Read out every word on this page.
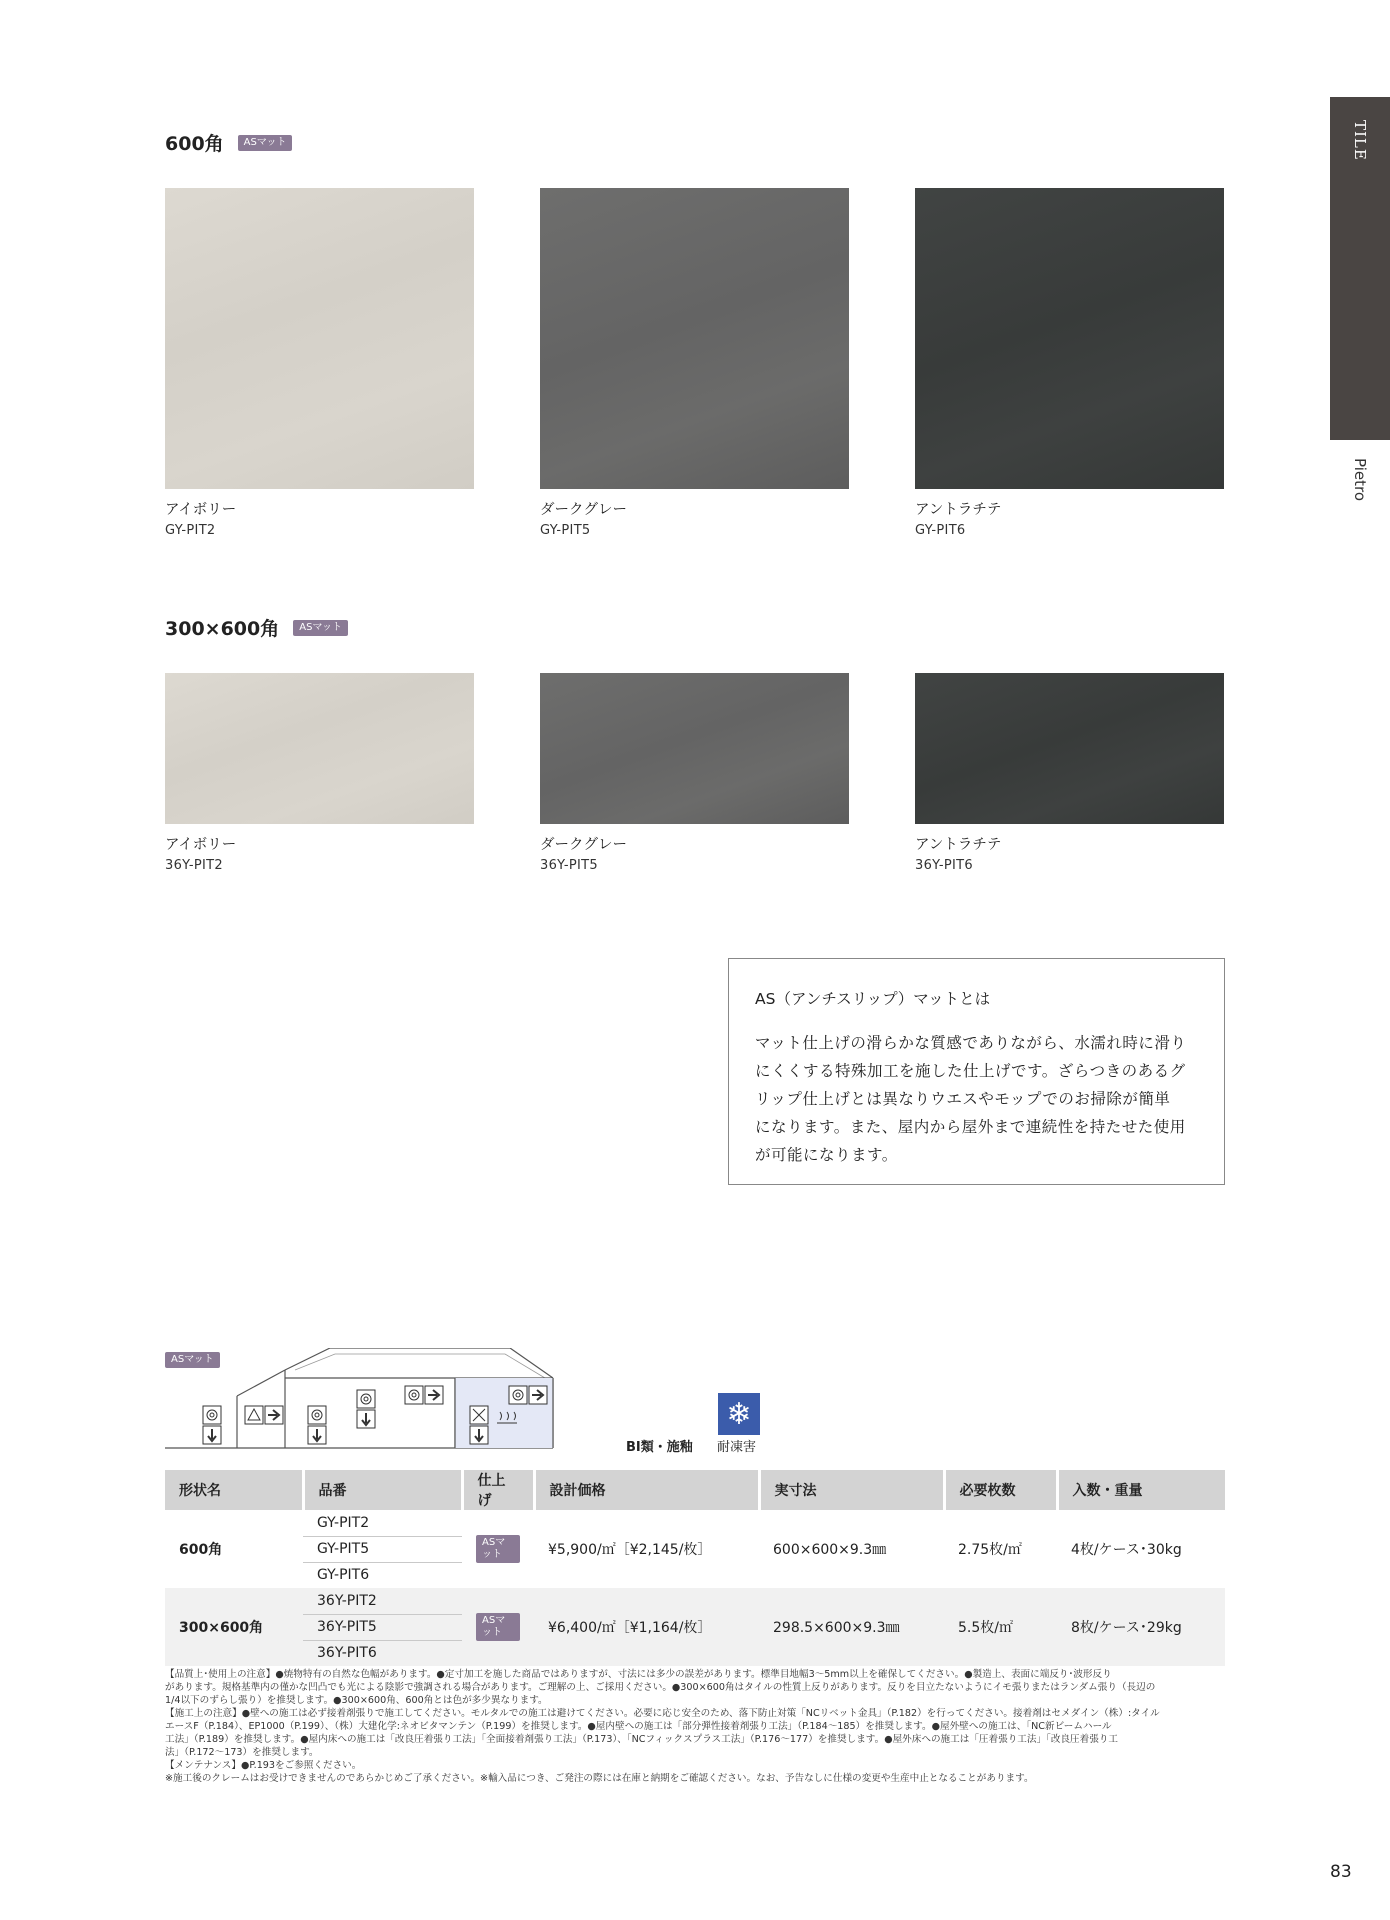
TILE
Pietro
600角	ASマット
アイボリー
GY-PIT2
ダークグレー
GY-PIT5
アントラチテ
GY-PIT6
300×600角	ASマット
アイボリー
36Y-PIT2
ダークグレー
36Y-PIT5
アントラチテ
36Y-PIT6
AS（アンチスリップ）マットとは
マット仕上げの滑らかな質感でありながら、水濡れ時に滑り
にくくする特殊加工を施した仕上げです。ざらつきのあるグ
リップ仕上げとは異なりウエスやモップでのお掃除が簡単
になります。また、屋内から屋外まで連続性を持たせた使用
が可能になります。
ASマット
BI類・施釉
❄
耐凍害
形状名	品番	仕上げ	設計価格	実寸法	必要枚数	入数・重量
600角	GY-PIT2	ASマット	¥5,900/㎡［¥2,145/枚］	600×600×9.3㎜	2.75枚/㎡	4枚/ケース･30kg
	GY-PIT5					
	GY-PIT6					
300×600角	36Y-PIT2	ASマット	¥6,400/㎡［¥1,164/枚］	298.5×600×9.3㎜	5.5枚/㎡	8枚/ケース･29kg
	36Y-PIT5					
	36Y-PIT6					
【品質上･使用上の注意】●焼物特有の自然な色幅があります。●定寸加工を施した商品ではありますが、寸法には多少の誤差があります。標準目地幅3～5mm以上を確保してください。●製造上、表面に端反り･波形反り
があります。規格基準内の僅かな凹凸でも光による陰影で強調される場合があります。ご理解の上、ご採用ください。●300×600角はタイルの性質上反りがあります。反りを目立たないようにイモ張りまたはランダム張り（長辺の
1/4以下のずらし張り）を推奨します。●300×600角、600角とは色が多少異なります。
【施工上の注意】●壁への施工は必ず接着剤張りで施工してください。モルタルでの施工は避けてください。必要に応じ安全のため、落下防止対策「NCリベット金具」（P.182）を行ってください。接着剤はセメダイン（株）:タイル
エースF（P.184）、EP1000（P.199）、（株）大建化学:ネオビタマンテン（P.199）を推奨します。●屋内壁への施工は「部分弾性接着剤張り工法」（P.184～185）を推奨します。●屋外壁への施工は、「NC新ビームハール
工法」（P.189）を推奨します。●屋内床への施工は「改良圧着張り工法」「全面接着剤張り工法」（P.173）、「NCフィックスプラス工法」（P.176～177）を推奨します。●屋外床への施工は「圧着張り工法」「改良圧着張り工
法」（P.172～173）を推奨します。
【メンテナンス】●P.193をご参照ください。
※施工後のクレームはお受けできませんのであらかじめご了承ください。※輸入品につき、ご発注の際には在庫と納期をご確認ください。なお、予告なしに仕様の変更や生産中止となることがあります。
83
